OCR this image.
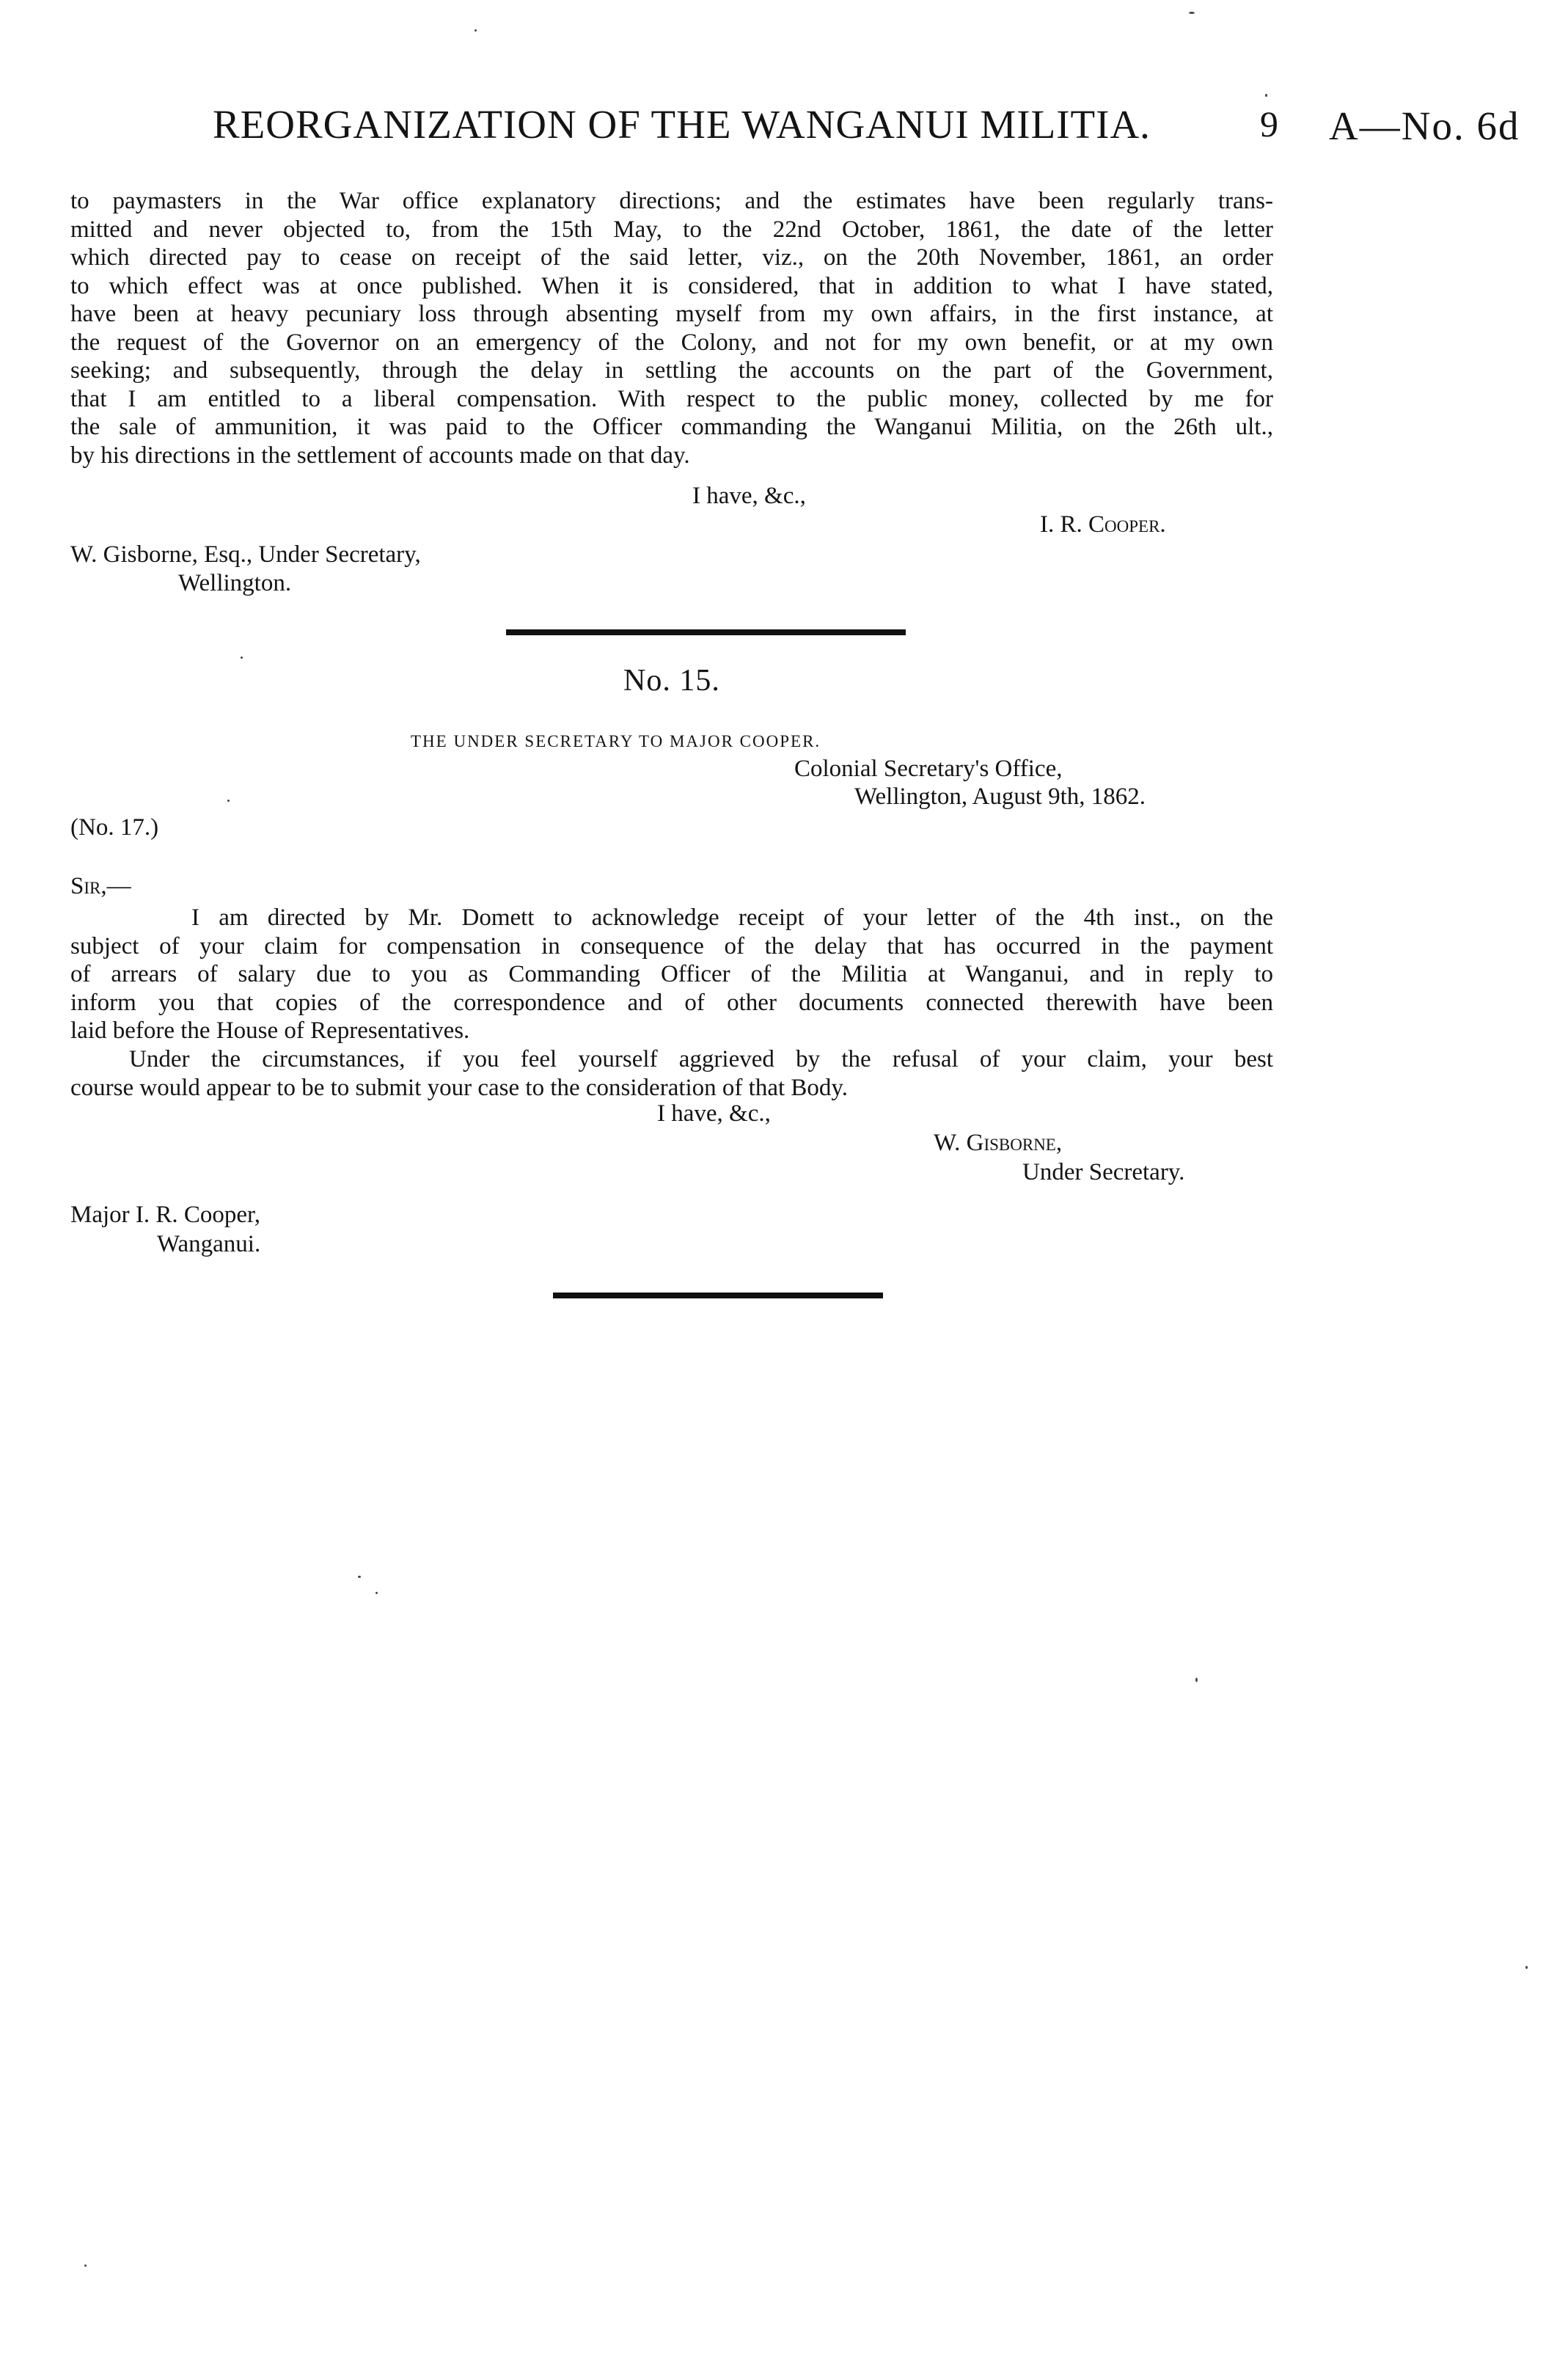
REORGANIZATION OF THE WANGANUI MILITIA.	9 A—No. 6d
to paymasters in the War office explanatory directions; and the estimates have been regularly trans-
mitted and never objected to, from the 15th May, to the 22nd October, 1861, the date of the letter
which directed pay to cease on receipt of the said letter, viz., on the 20th November, 1861, an order
to which effect was at once published. When it is considered, that in addition to what I have stated,
have been at heavy pecuniary loss through absenting myself from my own affairs, in the first instance, at
the request of the Governor on an emergency of the Colony, and not for my own benefit, or at my own
seeking; and subsequently, through the delay in settling the accounts on the part of the Government,
that I am entitled to a liberal compensation. With respect to the public money, collected by me for
the sale of ammunition, it was paid to the Officer commanding the Wanganui Militia, on the 26th ult.,
by his directions in the settlement of accounts made on that day.
I have, &c.,
I. R. Cooper.
W. Gisborne, Esq., Under Secretary,
Wellington.
No. 15.
THE UNDER SECRETARY TO MAJOR COOPER.
Colonial Secretary's Office,
Wellington, August 9th, 1862.
(No. 17.)
Sir,—
I am directed by Mr. Domett to acknowledge receipt of your letter of the 4th inst., on the
subject of your claim for compensation in consequence of the delay that has occurred in the payment
of arrears of salary due to you as Commanding Officer of the Militia at Wanganui, and in reply to
inform you that copies of the correspondence and of other documents connected therewith have been
laid before the House of Representatives.
Under the circumstances, if you feel yourself aggrieved by the refusal of your claim, your best
course would appear to be to submit your case to the consideration of that Body.
I have, &c.,
W. Gisborne,
Under Secretary.
Major I. R. Cooper,
Wanganui.
